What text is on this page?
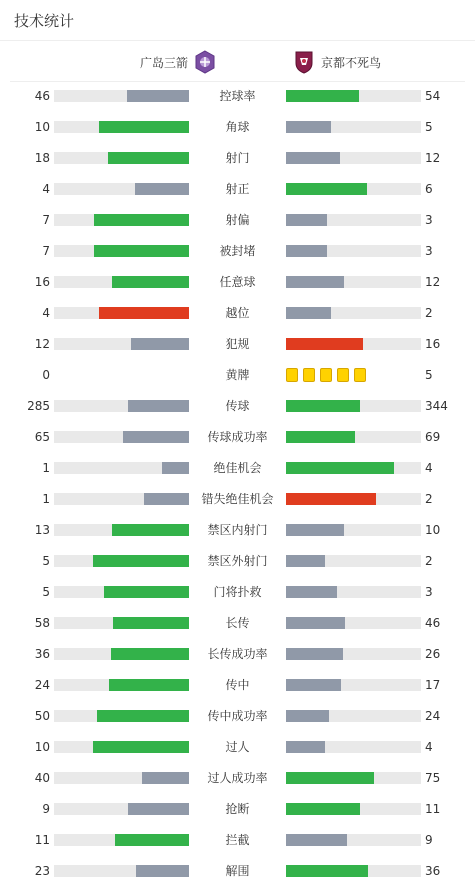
技术统计
广岛三箭	京都不死鸟
46	控球率	54
10	角球	5
18	射门	12
4	射正	6
7	射偏	3
7	被封堵	3
16	任意球	12
4	越位	2
12	犯规	16
0	黄牌	5
285	传球	344
65	传球成功率	69
1	绝佳机会	4
1	错失绝佳机会	2
13	禁区内射门	10
5	禁区外射门	2
5	门将扑救	3
58	长传	46
36	长传成功率	26
24	传中	17
50	传中成功率	24
10	过人	4
40	过人成功率	75
9	抢断	11
11	拦截	9
23	解围	36
